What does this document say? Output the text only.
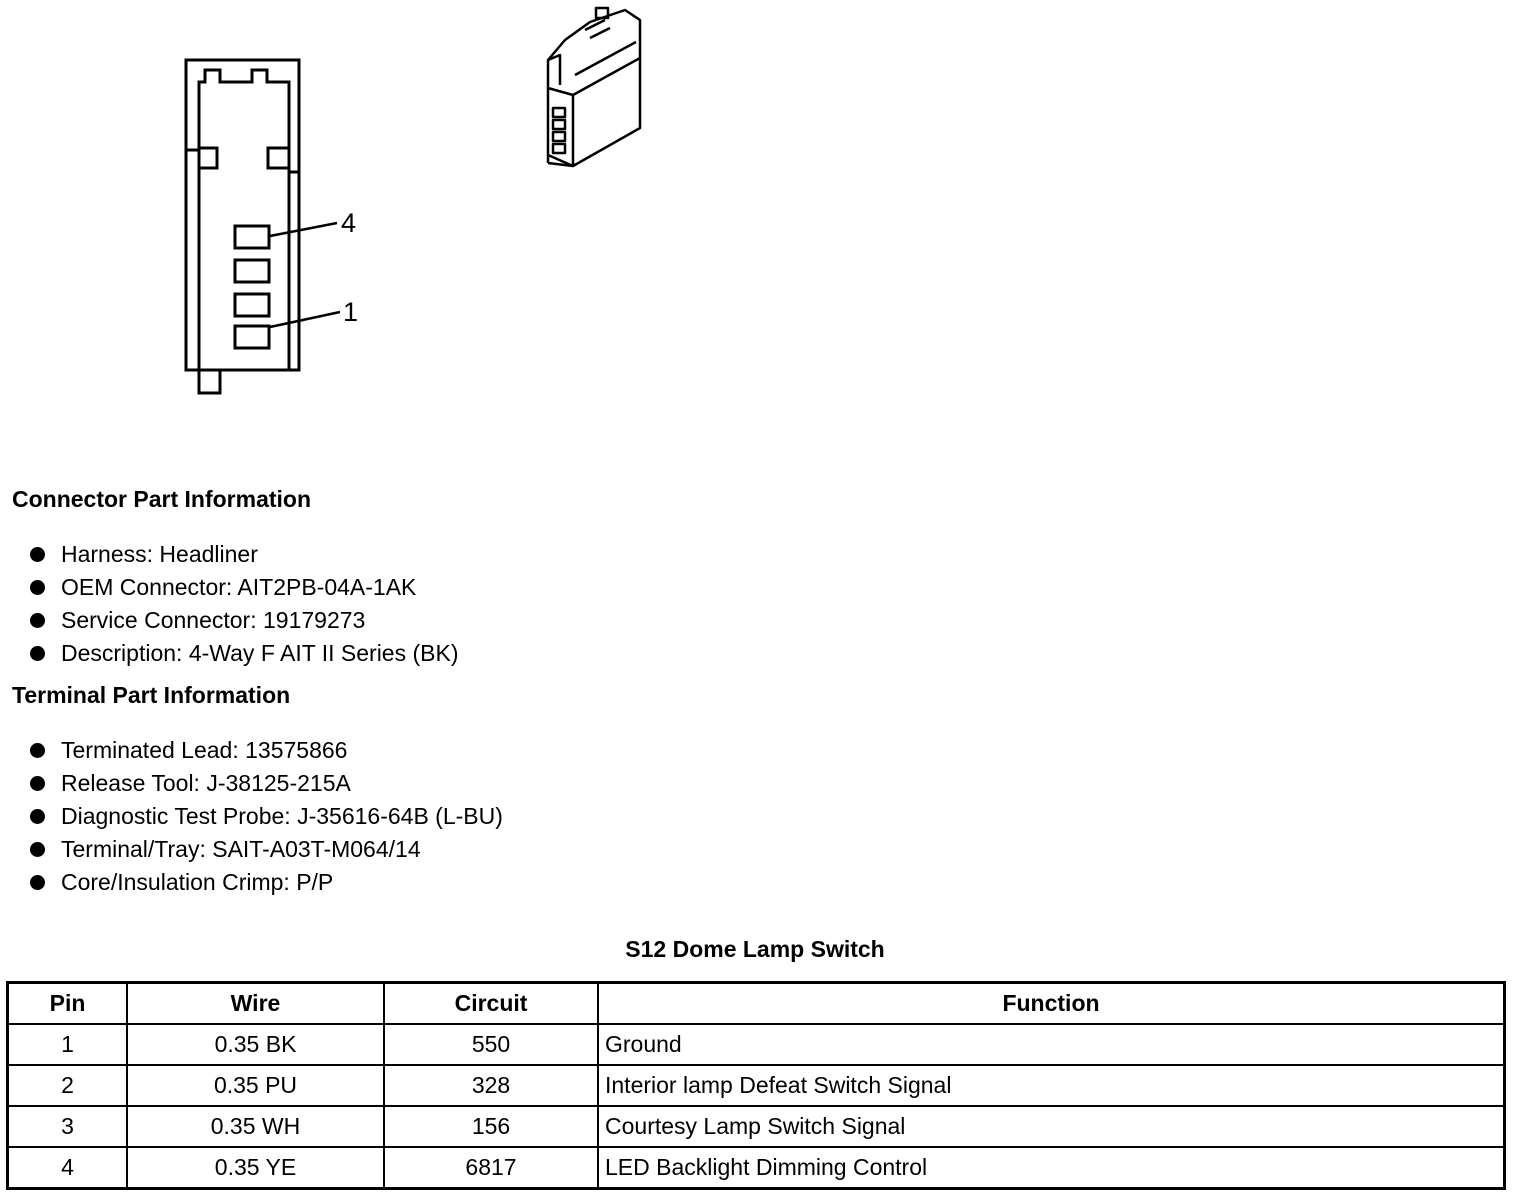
4
1
Connector Part Information
Harness: Headliner
OEM Connector: AIT2PB-04A-1AK
Service Connector: 19179273
Description: 4-Way F AIT II Series (BK)
Terminal Part Information
Terminated Lead: 13575866
Release Tool: J-38125-215A
Diagnostic Test Probe: J-35616-64B (L-BU)
Terminal/Tray: SAIT-A03T-M064/14
Core/Insulation Crimp: P/P
S12 Dome Lamp Switch
Pin	Wire	Circuit	Function
1	0.35 BK	550	Ground
2	0.35 PU	328	Interior lamp Defeat Switch Signal
3	0.35 WH	156	Courtesy Lamp Switch Signal
4	0.35 YE	6817	LED Backlight Dimming Control
